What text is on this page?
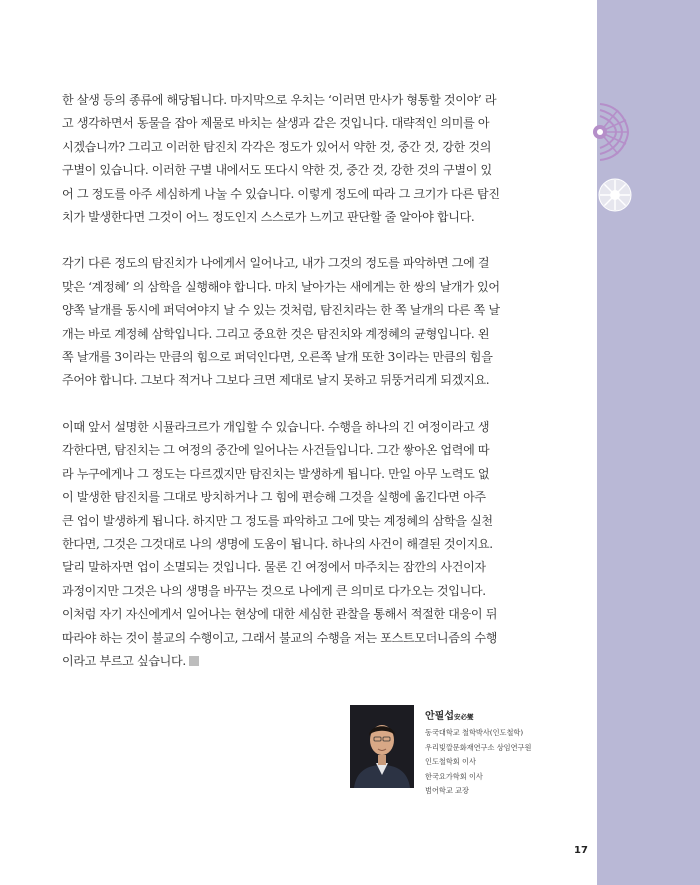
한 살생 등의 종류에 해당됩니다. 마지막으로 우치는 ‘이러면 만사가 형통할 것이야’ 라

고 생각하면서 동물을 잡아 제물로 바치는 살생과 같은 것입니다. 대략적인 의미를 아

시겠습니까? 그리고 이러한 탐진치 각각은 정도가 있어서 약한 것, 중간 것, 강한 것의

구별이 있습니다. 이러한 구별 내에서도 또다시 약한 것, 중간 것, 강한 것의 구별이 있

어 그 정도를 아주 세심하게 나눌 수 있습니다. 이렇게 정도에 따라 그 크기가 다른 탐진

치가 발생한다면 그것이 어느 정도인지 스스로가 느끼고 판단할 줄 알아야 합니다.

각기 다른 정도의 탐진치가 나에게서 일어나고, 내가 그것의 정도를 파악하면 그에 걸

맞은 ‘계정혜’ 의 삼학을 실행해야 합니다. 마치 날아가는 새에게는 한 쌍의 날개가 있어

양쪽 날개를 동시에 퍼덕여야지 날 수 있는 것처럼, 탐진치라는 한 쪽 날개의 다른 쪽 날

개는 바로 계정혜 삼학입니다. 그리고 중요한 것은 탐진치와 계정혜의 균형입니다. 왼

쪽 날개를 3이라는 만큼의 힘으로 퍼덕인다면, 오른쪽 날개 또한 3이라는 만큼의 힘을

주어야 합니다. 그보다 적거나 그보다 크면 제대로 날지 못하고 뒤뚱거리게 되겠지요.

이때 앞서 설명한 시뮬라크르가 개입할 수 있습니다. 수행을 하나의 긴 여정이라고 생

각한다면, 탐진치는 그 여정의 중간에 일어나는 사건들입니다. 그간 쌓아온 업력에 따

라 누구에게나 그 정도는 다르겠지만 탐진치는 발생하게 됩니다. 만일 아무 노력도 없

이 발생한 탐진치를 그대로 방치하거나 그 힘에 편승해 그것을 실행에 옮긴다면 아주

큰 업이 발생하게 됩니다. 하지만 그 정도를 파악하고 그에 맞는 계정혜의 삼학을 실천

한다면, 그것은 그것대로 나의 생명에 도움이 됩니다. 하나의 사건이 해결된 것이지요.

달리 말하자면 업이 소멸되는 것입니다. 물론 긴 여정에서 마주치는 잠깐의 사건이자

과정이지만 그것은 나의 생명을 바꾸는 것으로 나에게 큰 의미로 다가오는 것입니다.

이처럼 자기 자신에게서 일어나는 현상에 대한 세심한 관찰을 통해서 적절한 대응이 뒤

따라야 하는 것이 불교의 수행이고, 그래서 불교의 수행을 저는 포스트모더니즘의 수행

이라고 부르고 싶습니다.

안필섭安必燮

동국대학교 철학박사(인도철학)

우리빛깔문화재연구소 상임연구원

인도철학회 이사

한국요가학회 이사

범어학교 교장

17
